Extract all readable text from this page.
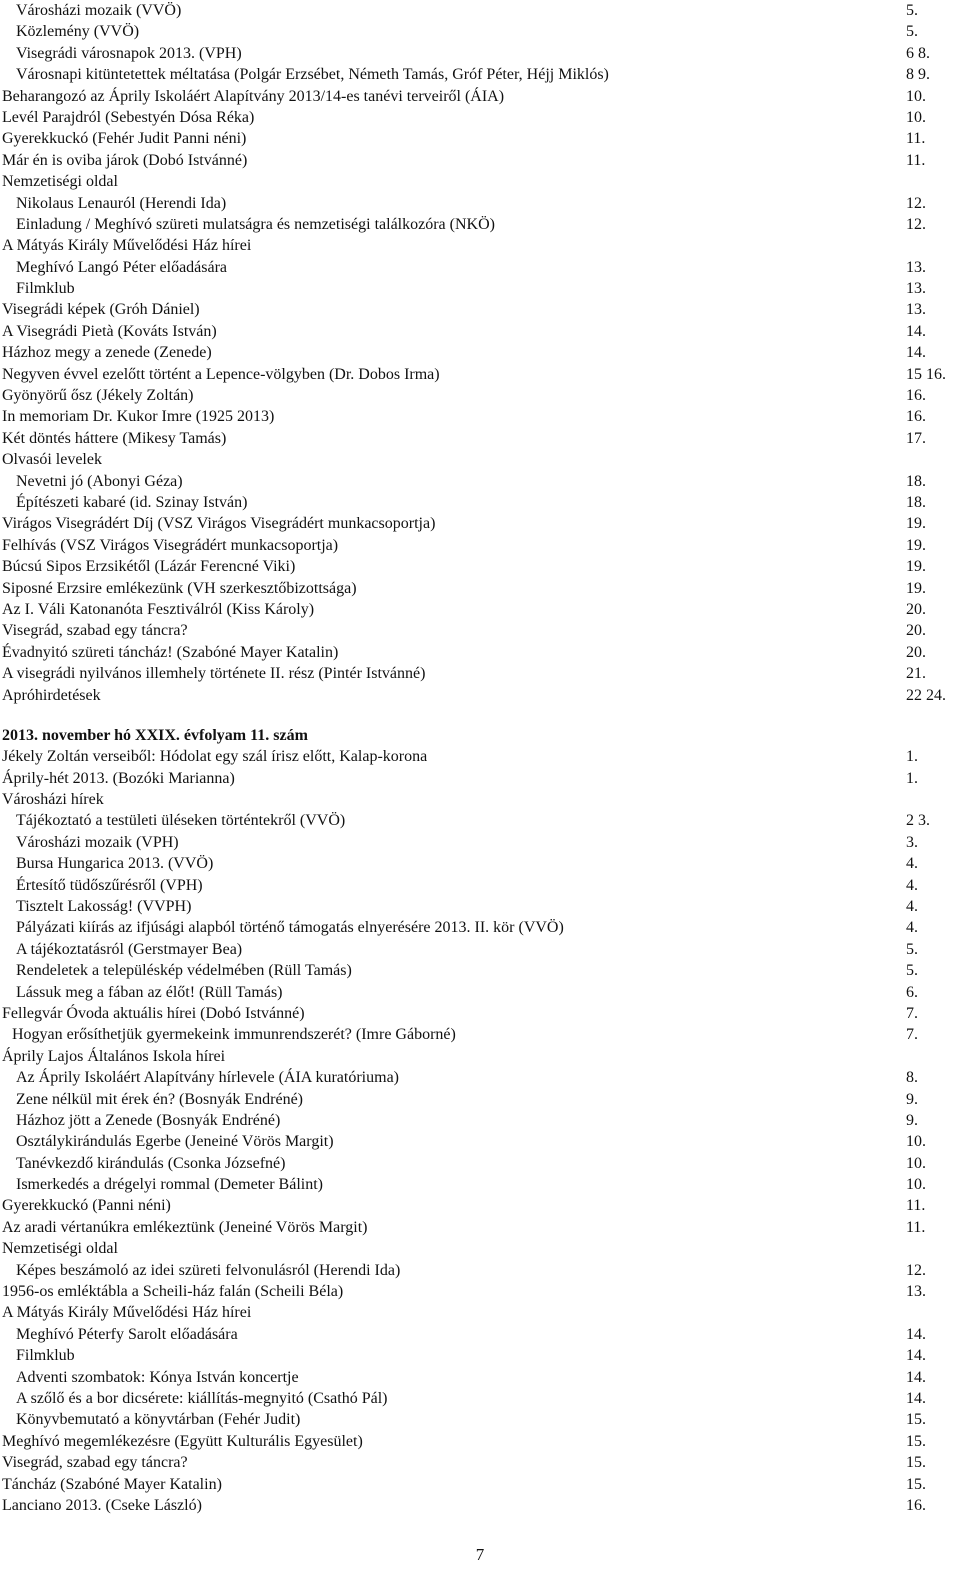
Városházi mozaik (VVÖ)	5.
Közlemény (VVÖ)	5.
Visegrádi városnapok 2013. (VPH)	6 8.
Városnapi kitüntetettek méltatása (Polgár Erzsébet, Németh Tamás, Gróf Péter, Héjj Miklós)	8 9.
Beharangozó az Áprily Iskoláért Alapítvány 2013/14-es tanévi terveiről (ÁIA)	10.
Levél Parajdról (Sebestyén Dósa Réka)	10.
Gyerekkuckó (Fehér Judit Panni néni)	11.
Már én is oviba járok (Dobó Istvánné)	11.
Nemzetiségi oldal
Nikolaus Lenauról (Herendi Ida)	12.
Einladung / Meghívó szüreti mulatságra és nemzetiségi találkozóra (NKÖ)	12.
A Mátyás Király Művelődési Ház hírei
Meghívó Langó Péter előadására	13.
Filmklub	13.
Visegrádi képek (Gróh Dániel)	13.
A Visegrádi Pietà (Kováts István)	14.
Házhoz megy a zenede (Zenede)	14.
Negyven évvel ezelőtt történt a Lepence-völgyben (Dr. Dobos Irma)	15 16.
Gyönyörű ősz (Jékely Zoltán)	16.
In memoriam Dr. Kukor Imre (1925 2013)	16.
Két döntés háttere (Mikesy Tamás)	17.
Olvasói levelek
Nevetni jó (Abonyi Géza)	18.
Építészeti kabaré (id. Szinay István)	18.
Virágos Visegrádért Díj (VSZ Virágos Visegrádért munkacsoportja)	19.
Felhívás (VSZ Virágos Visegrádért munkacsoportja)	19.
Búcsú Sipos Erzsikétől (Lázár Ferencné Viki)	19.
Siposné Erzsire emlékezünk (VH szerkesztőbizottsága)	19.
Az I. Váli Katonanóta Fesztiválról (Kiss Károly)	20.
Visegrád, szabad egy táncra?	20.
Évadnyitó szüreti táncház! (Szabóné Mayer Katalin)	20.
A visegrádi nyilvános illemhely története II. rész (Pintér Istvánné)	21.
Apróhirdetések	22 24.
2013. november hó XXIX. évfolyam 11. szám
Jékely Zoltán verseiből: Hódolat egy szál írisz előtt, Kalap-korona	1.
Áprily-hét 2013. (Bozóki Marianna)	1.
Városházi hírek
Tájékoztató a testületi üléseken történtekről (VVÖ)	2 3.
Városházi mozaik (VPH)	3.
Bursa Hungarica 2013. (VVÖ)	4.
Értesítő tüdőszűrésről (VPH)	4.
Tisztelt Lakosság! (VVPH)	4.
Pályázati kiírás az ifjúsági alapból történő támogatás elnyerésére 2013. II. kör (VVÖ)	4.
A tájékoztatásról (Gerstmayer Bea)	5.
Rendeletek a településkép védelmében (Rüll Tamás)	5.
Lássuk meg a fában az élőt! (Rüll Tamás)	6.
Fellegvár Óvoda aktuális hírei (Dobó Istvánné)	7.
Hogyan erősíthetjük gyermekeink immunrendszerét? (Imre Gáborné)	7.
Áprily Lajos Általános Iskola hírei
Az Áprily Iskoláért Alapítvány hírlevele (ÁIA kuratóriuma)	8.
Zene nélkül mit érek én? (Bosnyák Endréné)	9.
Házhoz jött a Zenede (Bosnyák Endréné)	9.
Osztálykirándulás Egerbe (Jeneiné Vörös Margit)	10.
Tanévkezdő kirándulás (Csonka Józsefné)	10.
Ismerkedés a drégelyi rommal (Demeter Bálint)	10.
Gyerekkuckó (Panni néni)	11.
Az aradi vértanúkra emlékeztünk (Jeneiné Vörös Margit)	11.
Nemzetiségi oldal
Képes beszámoló az idei szüreti felvonulásról (Herendi Ida)	12.
1956-os emléktábla a Scheili-ház falán (Scheili Béla)	13.
A Mátyás Király Művelődési Ház hírei
Meghívó Péterfy Sarolt előadására	14.
Filmklub	14.
Adventi szombatok: Kónya István koncertje	14.
A szőlő és a bor dicsérete: kiállítás-megnyitó (Csathó Pál)	14.
Könyvbemutató a könyvtárban (Fehér Judit)	15.
Meghívó megemlékezésre (Együtt Kulturális Egyesület)	15.
Visegrád, szabad egy táncra?	15.
Táncház (Szabóné Mayer Katalin)	15.
Lanciano 2013. (Cseke László)	16.
7
